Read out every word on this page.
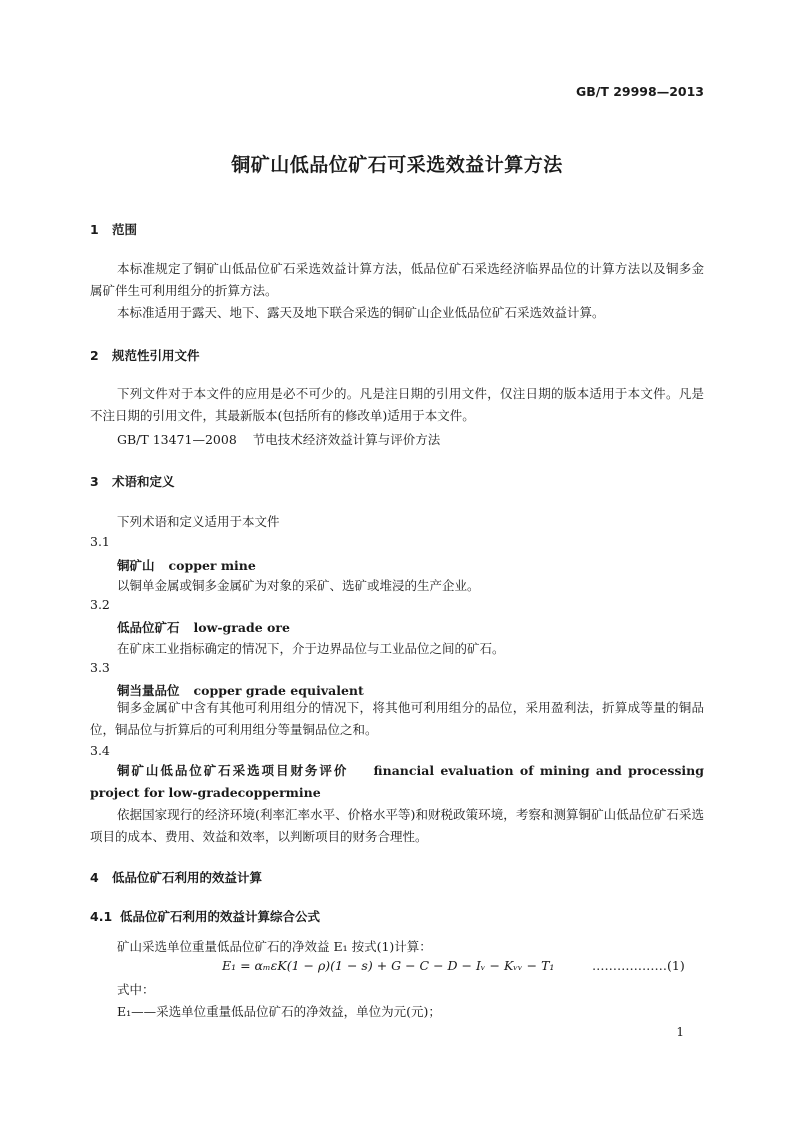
GB/T 29998—2013
铜矿山低品位矿石可采选效益计算方法
1 范围
本标准规定了铜矿山低品位矿石采选效益计算方法，低品位矿石采选经济临界品位的计算方法以及铜多金属矿伴生可利用组分的折算方法。
本标准适用于露天、地下、露天及地下联合采选的铜矿山企业低品位矿石采选效益计算。
2 规范性引用文件
下列文件对于本文件的应用是必不可少的。凡是注日期的引用文件，仅注日期的版本适用于本文件。凡是不注日期的引用文件，其最新版本(包括所有的修改单)适用于本文件。
GB/T 13471—2008 节电技术经济效益计算与评价方法
3 术语和定义
下列术语和定义适用于本文件
3.1
铜矿山 copper mine
以铜单金属或铜多金属矿为对象的采矿、选矿或堆浸的生产企业。
3.2
低品位矿石 low-grade ore
在矿床工业指标确定的情况下，介于边界品位与工业品位之间的矿石。
3.3
铜当量品位 copper grade equivalent
铜多金属矿中含有其他可利用组分的情况下，将其他可利用组分的品位，采用盈利法，折算成等量的铜品位，铜品位与折算后的可利用组分等量铜品位之和。
3.4
铜矿山低品位矿石采选项目财务评价 financial evaluation of mining and processing project for low-gradecoppermine
依据国家现行的经济环境(利率汇率水平、价格水平等)和财税政策环境，考察和测算铜矿山低品位矿石采选项目的成本、费用、效益和效率，以判断项目的财务合理性。
4 低品位矿石利用的效益计算
4.1 低品位矿石利用的效益计算综合公式
矿山采选单位重量低品位矿石的净效益 E₁ 按式(1)计算：
E₁ = αₘεK(1 − ρ)(1 − s) + G − C − D − Iᵥ − Kᵥᵥ − T₁	………………(1)
式中：
E₁——采选单位重量低品位矿石的净效益，单位为元(元)；
1
